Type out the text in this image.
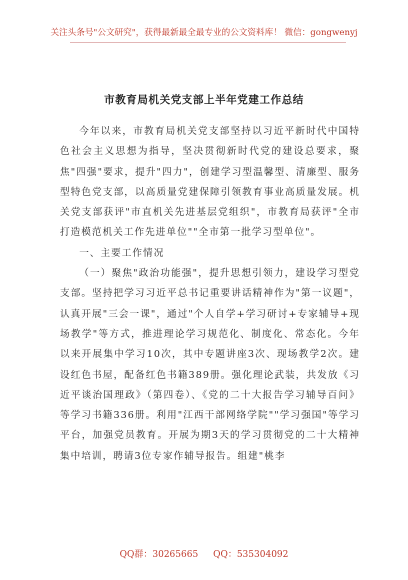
关注头条号"公文研究"，获得最新最全最专业的公文资料库！ 微信：gongwenyj
市教育局机关党支部上半年党建工作总结

今年以来，市教育局机关党支部坚持以习近平新时代中国特色社会主义思想为指导，坚决贯彻新时代党的建设总要求，聚焦"四强"要求，提升"四力"，创建学习型温馨型、清廉型、服务型特色党支部，以高质量党建保障引领教育事业高质量发展。机关党支部获评"市直机关先进基层党组织"，市教育局获评"全市打造模范机关工作先进单位""全市第一批学习型单位"。

一、主要工作情况

（一）聚焦"政治功能强"，提升思想引领力，建设学习型党支部。坚持把学习习近平总书记重要讲话精神作为"第一议题"，认真开展"三会一课"，通过"个人自学+学习研讨+专家辅导+现场教学"等方式，推进理论学习规范化、制度化、常态化。今年以来开展集中学习10次，其中专题讲座3次、现场教学2次。建设红色书屋，配备红色书籍389册。强化理论武装，共发放《习近平谈治国理政》（第四卷）、《党的二十大报告学习辅导百问》等学习书籍336册。利用"江西干部网络学院""学习强国"等学习平台，加强党员教育。开展为期3天的学习贯彻党的二十大精神集中培训，聘请3位专家作辅导报告。组建"桃李

QQ群：30265665 QQ：535304092
